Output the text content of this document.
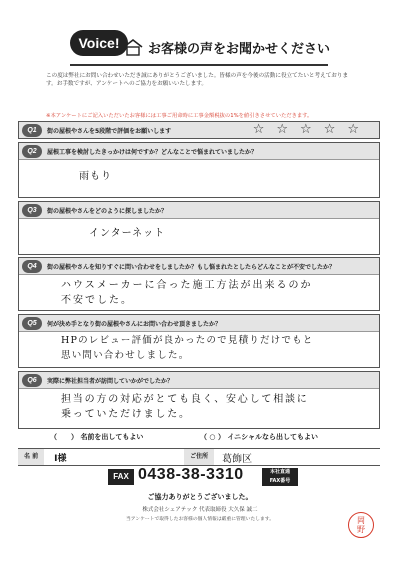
Voice!	お客様の声をお聞かせください
この度は弊社にお問い合わせいただき誠にありがとうございました。皆様の声を今後の活動に役立てたいと考えております。お手数ですが、アンケートへのご協力をお願いいたします。
※本アンケートにご記入いただいたお客様には工事ご用命時に工事金額税抜の1%を値引きさせていただきます。
Q1	街の屋根やさんを5段階で評価をお願いします	☆ ☆ ☆ ☆ ☆
Q2	屋根工事を検討したきっかけは何ですか？どんなことで悩まれていましたか？
雨もり
Q3	街の屋根やさんをどのように探しましたか？
インターネット
Q4	街の屋根やさんを知りすぐに問い合わせをしましたか？もし悩まれたとしたらどんなことが不安でしたか？
ハウスメーカーに合った施工方法が出来るのか
不安でした。
Q5	何が決め手となり街の屋根やさんにお問い合わせ頂きましたか？
HPのレビュー評価が良かったので見積りだけでもと
思い問い合わせしました。
Q6	実際に弊社担当者が訪問していかがでしたか？
担当の方の対応がとても良く、安心して相談に
乗っていただけました。
（　　） 名前を出してもよい	（ ○ ） イニシャルなら出してもよい
名 前	I様	ご住所	葛飾区
FAX 0438-38-3310	本社直通
FAX番号
ご協力ありがとうございました。
株式会社シェアテック 代表取締役 大久保 誠二
当アンケートで取得したお客様の個人情報は厳重に管理いたします。	岡
野
